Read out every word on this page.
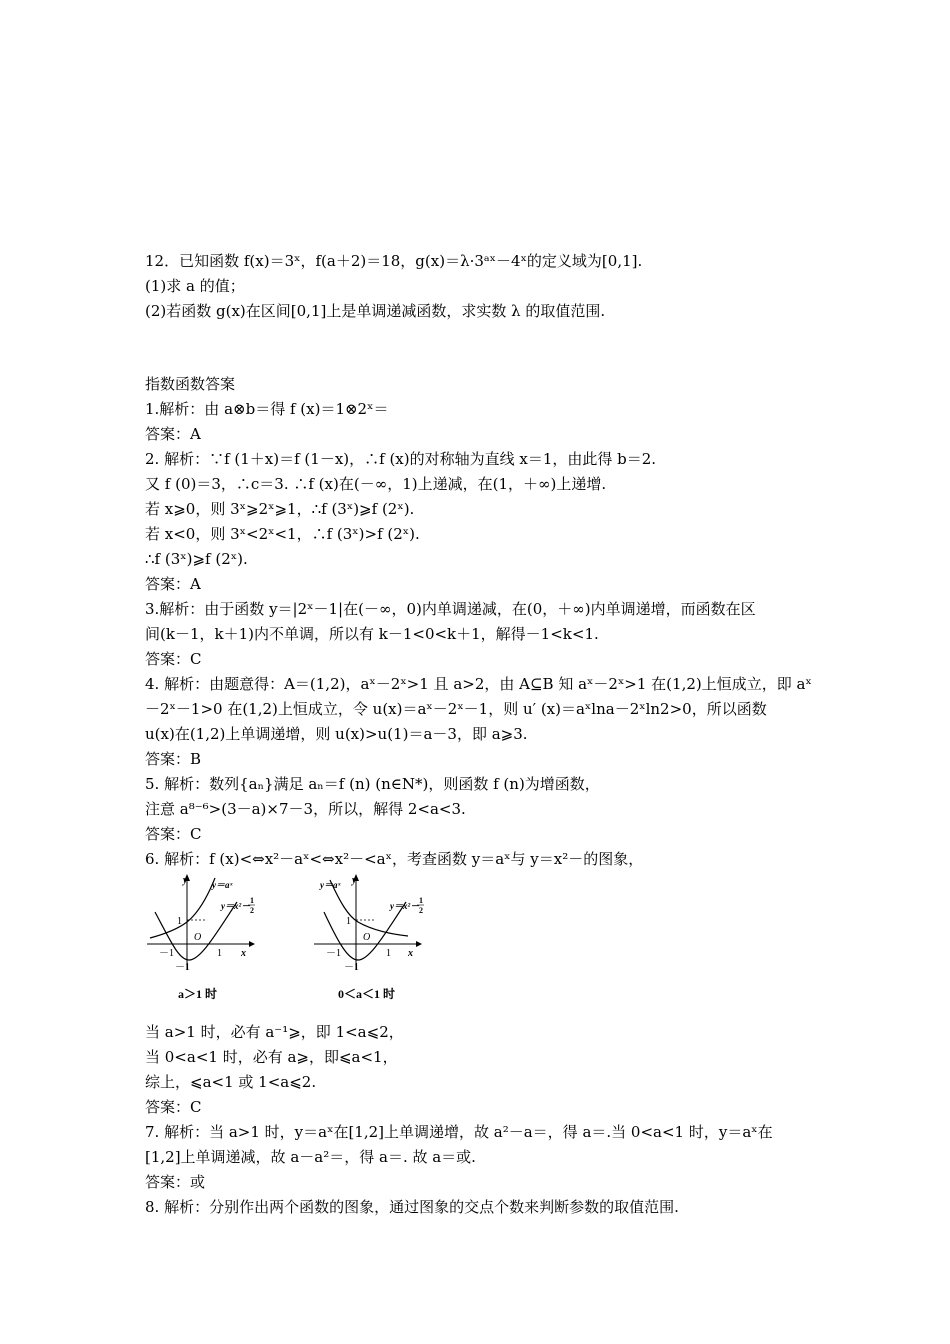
12．已知函数 f(x)＝3ˣ，f(a＋2)＝18，g(x)＝λ·3ᵃˣ－4ˣ的定义域为[0,1].
(1)求 a 的值；
(2)若函数 g(x)在区间[0,1]上是单调递减函数，求实数 λ 的取值范围.
指数函数答案
1.解析：由 a⊗b＝得 f (x)＝1⊗2ˣ＝
答案：A
2. 解析：∵f (1＋x)＝f (1－x)，∴f (x)的对称轴为直线 x＝1，由此得 b＝2.
又 f (0)＝3，∴c＝3. ∴f (x)在(－∞，1)上递减，在(1，＋∞)上递增.
若 x⩾0，则 3ˣ⩾2ˣ⩾1，∴f (3ˣ)⩾f (2ˣ).
若 x<0，则 3ˣ<2ˣ<1，∴f (3ˣ)>f (2ˣ).
∴f (3ˣ)⩾f (2ˣ).
答案：A
3.解析：由于函数 y＝|2ˣ－1|在(－∞，0)内单调递减，在(0，＋∞)内单调递增，而函数在区
间(k－1，k＋1)内不单调，所以有 k－1<0<k＋1，解得－1<k<1.
答案：C
4. 解析：由题意得：A＝(1,2)，aˣ－2ˣ>1 且 a>2，由 A⊆B 知 aˣ－2ˣ>1 在(1,2)上恒成立，即 aˣ
－2ˣ－1>0 在(1,2)上恒成立，令 u(x)＝aˣ－2ˣ－1，则 u′ (x)＝aˣlna－2ˣln2>0，所以函数
u(x)在(1,2)上单调递增，则 u(x)>u(1)＝a－3，即 a⩾3.
答案：B
5. 解析：数列{aₙ}满足 aₙ＝f (n) (n∈N*)，则函数 f (n)为增函数，
注意 a⁸⁻⁶>(3－a)×7－3，所以，解得 2<a<3.
答案：C
6. 解析：f (x)<⇔x²－aˣ<⇔x²－<aˣ，考查函数 y＝aˣ与 y＝x²－的图象，
y
x
O
－1	1
1
－1
y＝aˣ
y＝x²－
1
2
a＞1 时
y
x
O
－1	1
1
－1
y＝aˣ
y＝x²－
1
2
0＜a＜1 时
当 a>1 时，必有 a⁻¹⩾，即 1<a⩽2，
当 0<a<1 时，必有 a⩾，即⩽a<1，
综上，⩽a<1 或 1<a⩽2.
答案：C
7. 解析：当 a>1 时，y＝aˣ在[1,2]上单调递增，故 a²－a＝，得 a＝.当 0<a<1 时，y＝aˣ在
[1,2]上单调递减，故 a－a²＝，得 a＝. 故 a＝或.
答案：或
8. 解析：分别作出两个函数的图象，通过图象的交点个数来判断参数的取值范围.
